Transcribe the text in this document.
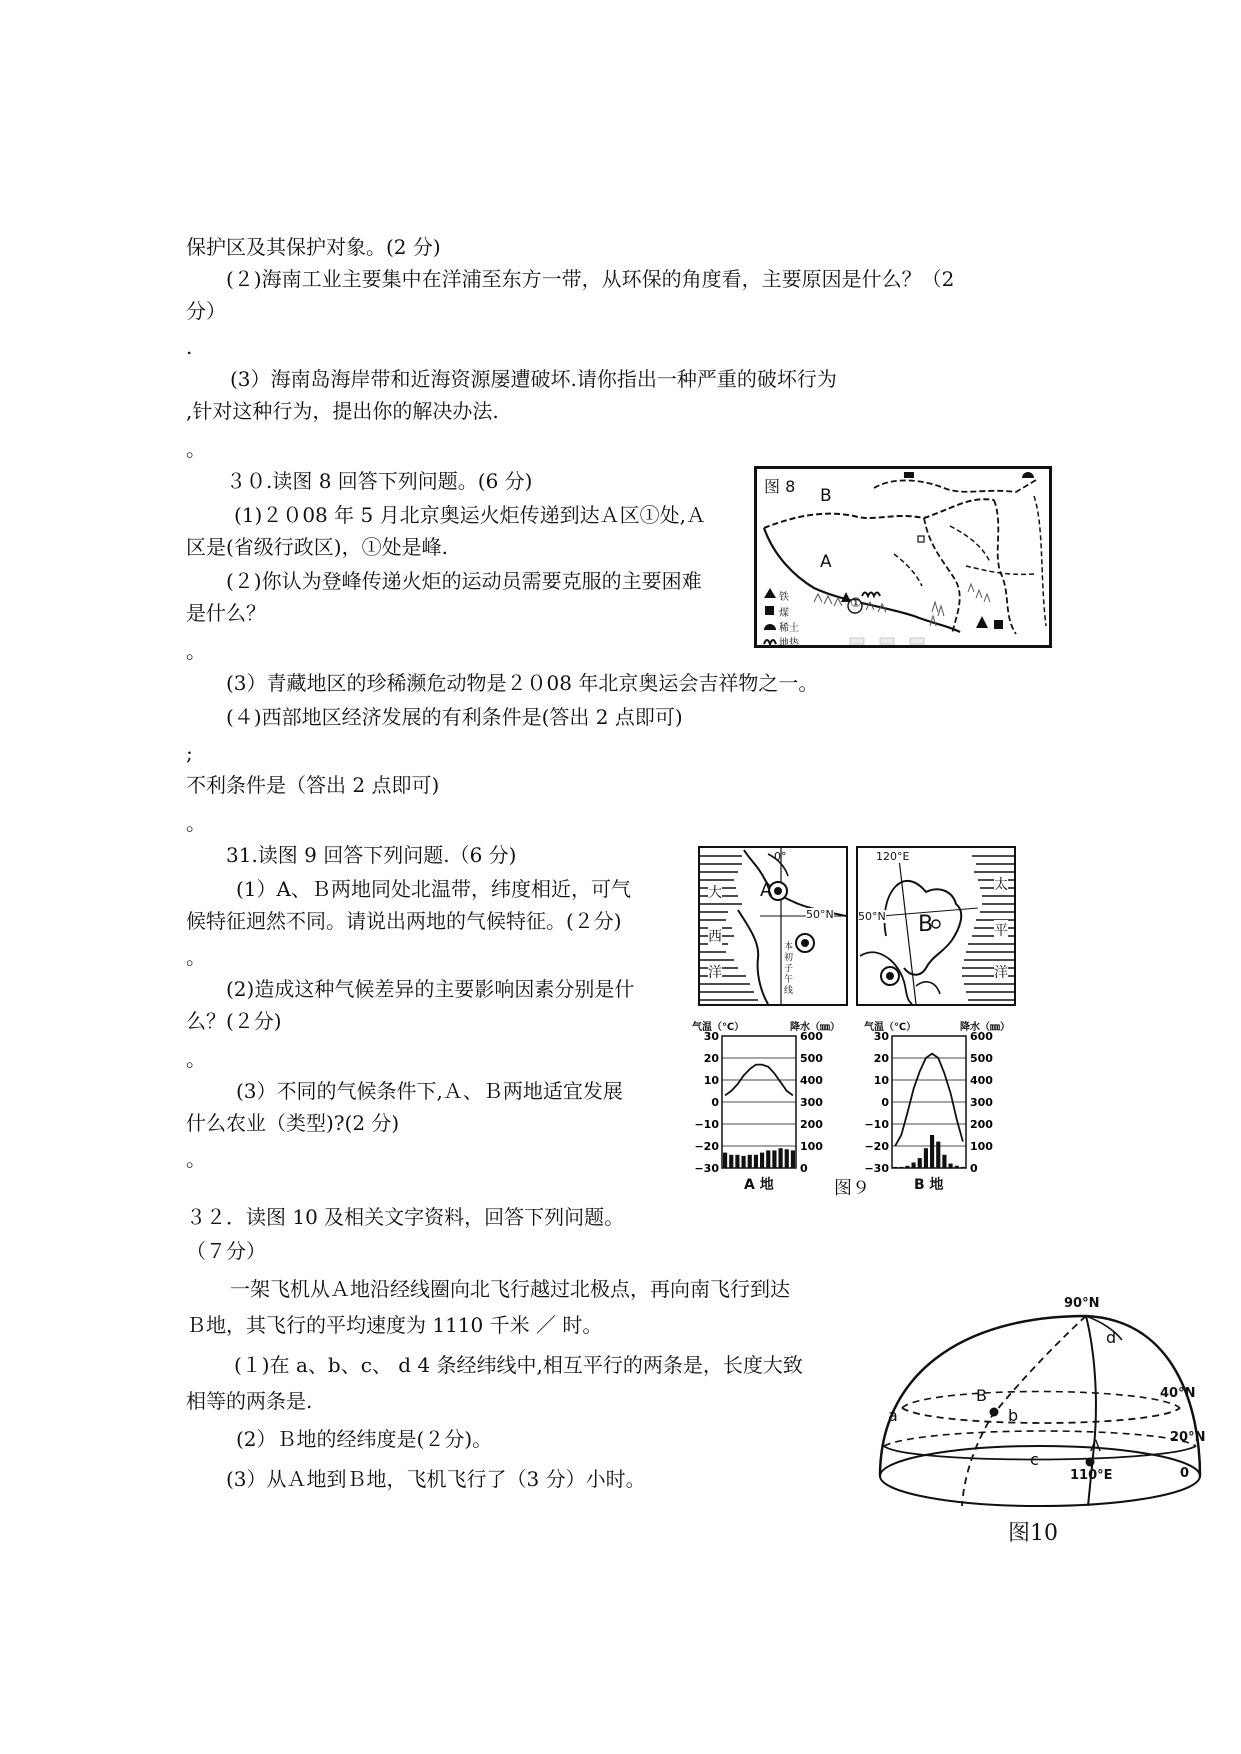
保护区及其保护对象。(2 分)
(２)海南工业主要集中在洋浦至东方一带，从环保的角度看，主要原因是什么？（2
分）
.
(3）海南岛海岸带和近海资源屡遭破坏.请你指出一种严重的破坏行为
,针对这种行为，提出你的解决办法.
。
３０.读图 8 回答下列问题。(6 分)
(1)２０08 年 5 月北京奥运火炬传递到达Ａ区①处,Ａ
区是(省级行政区)，①处是峰.
(２)你认为登峰传递火炬的运动员需要克服的主要困难
是什么？
。
(3）青藏地区的珍稀濒危动物是２０08 年北京奥运会吉祥物之一。
(４)西部地区经济发展的有利条件是(答出 2 点即可)
;
不利条件是（答出 2 点即可)
。
31.读图 9 回答下列问题.（6 分)
(1）A、Ｂ两地同处北温带，纬度相近，可气
候特征迥然不同。请说出两地的气候特征。(２分)
。
(2)造成这种气候差异的主要影响因素分别是什
么？(２分)
。
(3）不同的气候条件下,Ａ、Ｂ两地适宜发展
什么农业（类型)?(2 分)
。
３２．读图 10 及相关文字资料，回答下列问题。
（７分）
一架飞机从Ａ地沿经线圈向北飞行越过北极点，再向南飞行到达
Ｂ地，其飞行的平均速度为 1110 千米 ／ 时。
(１)在 a、b、c、 d 4 条经纬线中,相互平行的两条是，长度大致
相等的两条是.
(2）Ｂ地的经纬度是(２分)。
(3）从Ａ地到Ｂ地，飞机飞行了（3 分）小时。
图 8 B
A
①
铁
煤
稀土
地热
0°
50°N
大
西
洋
A
本初子午线
120°E
50°N
太
平
洋
B
30
20
10
0
−10
−20
−30
600
500
400
300
200
100
0
30
20
10
0
−10
−20
−30
600
500
400
300
200
100
0
气温（℃）	降水（㎜） 气温（℃）	降水（㎜）
A 地	图９	B 地
90°N
40°N
20°N
0
110°E
a	b
c
d
A
B
图10
